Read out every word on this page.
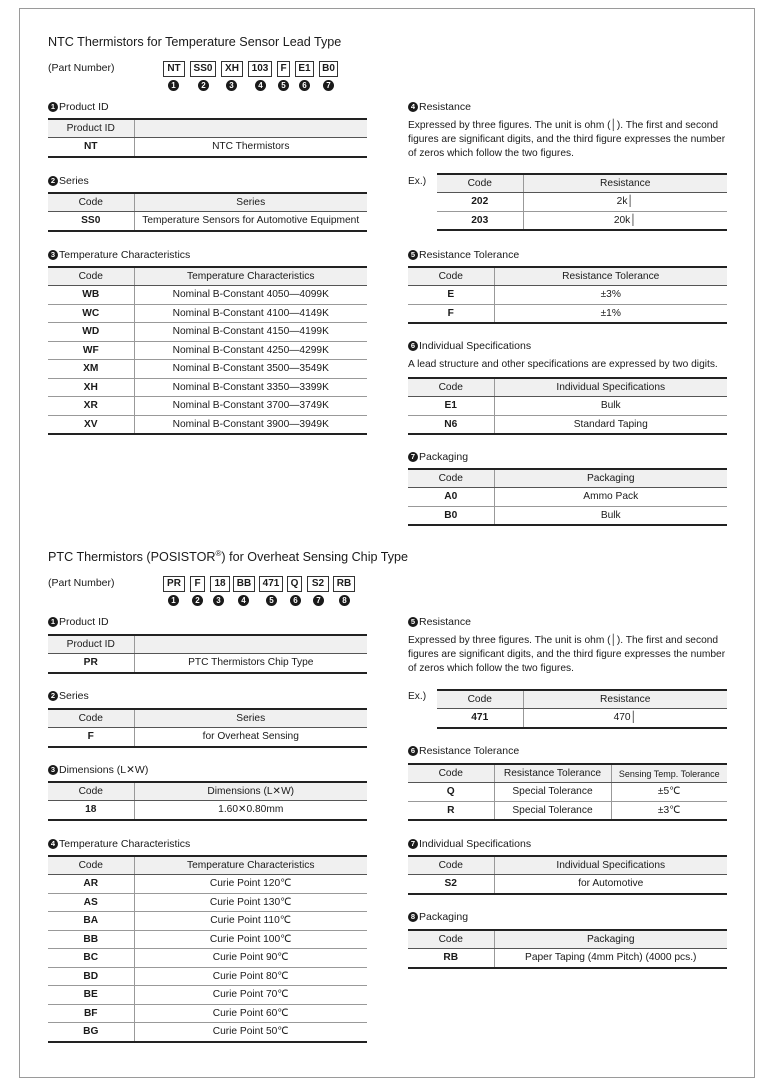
NTC Thermistors for Temperature Sensor Lead Type
(Part Number)	NT	SS0	XH	103	F	E1	B0
1	2	3	4	5	6	7
1 Product ID
Product ID	
NT	NTC Thermistors
2 Series
Code	Series
SS0	Temperature Sensors for Automotive Equipment
3 Temperature Characteristics
Code	Temperature Characteristics
WB	Nominal B-Constant 4050—4099K
WC	Nominal B-Constant 4100—4149K
WD	Nominal B-Constant 4150—4199K
WF	Nominal B-Constant 4250—4299K
XM	Nominal B-Constant 3500—3549K
XH	Nominal B-Constant 3350—3399K
XR	Nominal B-Constant 3700—3749K
XV	Nominal B-Constant 3900—3949K
4 Resistance
Expressed by three figures. The unit is ohm (│). The first and second figures are significant digits, and the third figure expresses the number of zeros which follow the two figures.
Ex.)	Code	Resistance
202	2k│
203	20k│
5 Resistance Tolerance
Code	Resistance Tolerance
E	±3%
F	±1%
6 Individual Specifications
A lead structure and other specifications are expressed by two digits.
Code	Individual Specifications
E1	Bulk
N6	Standard Taping
7 Packaging
Code	Packaging
A0	Ammo Pack
B0	Bulk
PTC Thermistors (POSISTOR®) for Overheat Sensing Chip Type
(Part Number)	PR	F	18	BB	471	Q	S2	RB
1	2	3	4	5	6	7	8
1 Product ID
Product ID	
PR	PTC Thermistors Chip Type
2 Series
Code	Series
F	for Overheat Sensing
3 Dimensions (L✕W)
Code	Dimensions (L✕W)
18	1.60✕0.80mm
4 Temperature Characteristics
Code	Temperature Characteristics
AR	Curie Point 120℃
AS	Curie Point 130℃
BA	Curie Point 110℃
BB	Curie Point 100℃
BC	Curie Point 90℃
BD	Curie Point 80℃
BE	Curie Point 70℃
BF	Curie Point 60℃
BG	Curie Point 50℃
5 Resistance
Expressed by three figures. The unit is ohm (│). The first and second figures are significant digits, and the third figure expresses the number of zeros which follow the two figures.
Ex.)	Code	Resistance
471	470│
6 Resistance Tolerance
Code	Resistance Tolerance	Sensing Temp. Tolerance
Q	Special Tolerance	±5℃
R	Special Tolerance	±3℃
7 Individual Specifications
Code	Individual Specifications
S2	for Automotive
8 Packaging
Code	Packaging
RB	Paper Taping (4mm Pitch) (4000 pcs.)
